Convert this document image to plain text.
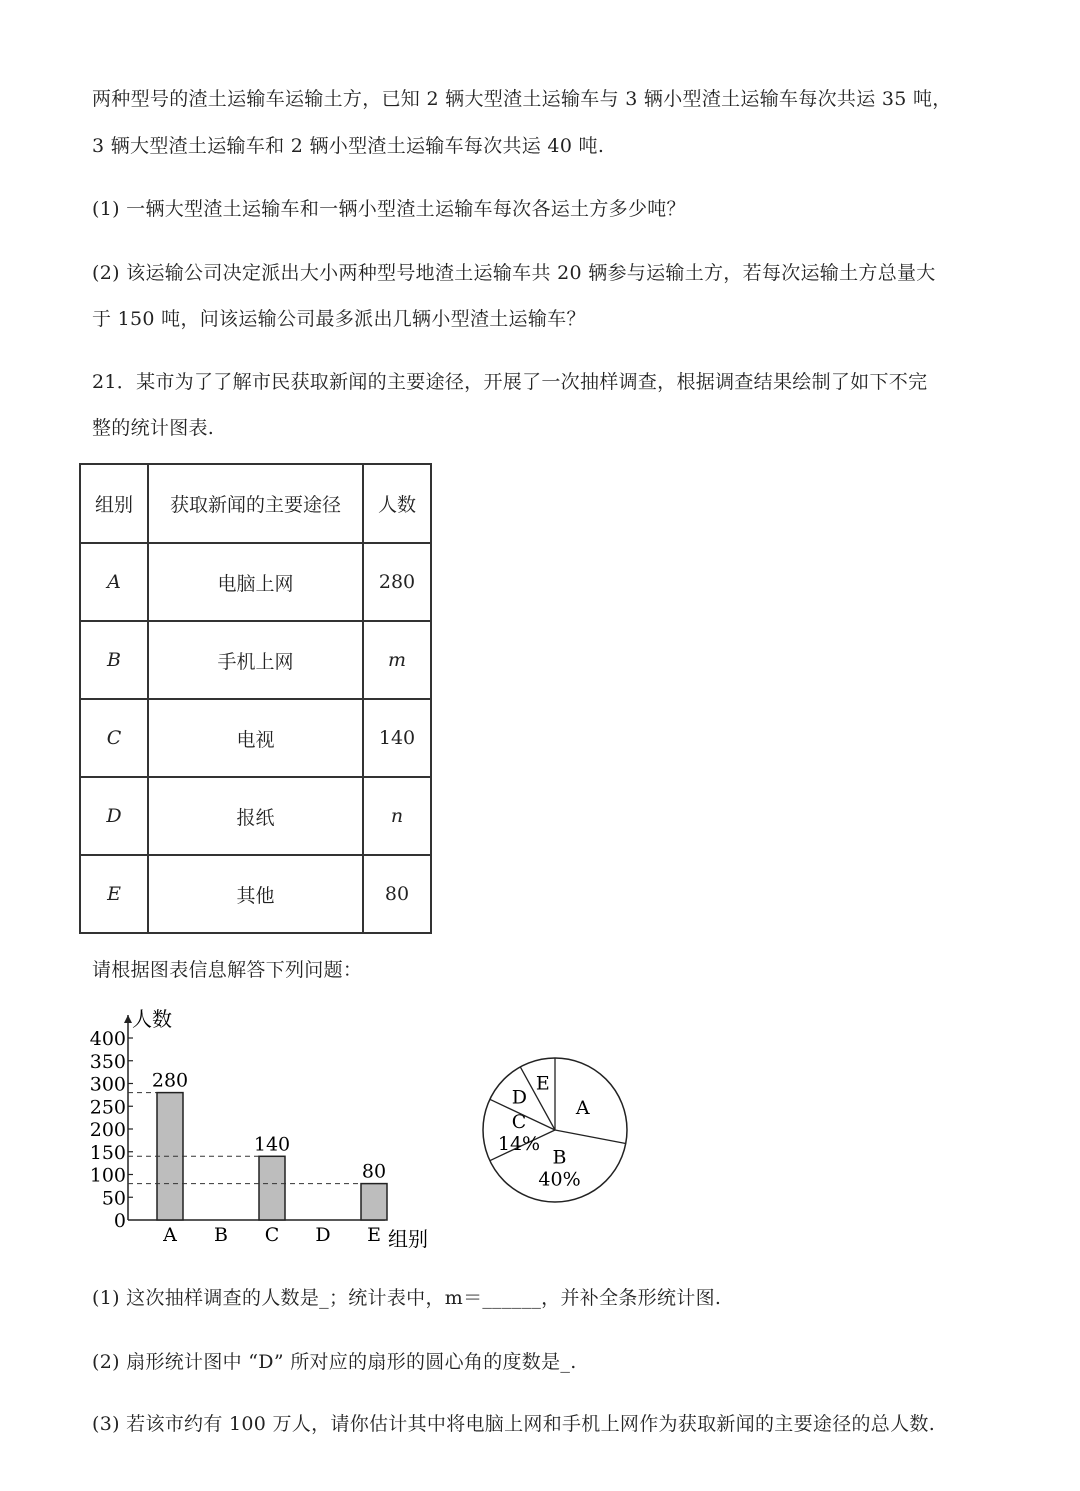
两种型号的渣土运输车运输土方，已知 2 辆大型渣土运输车与 3 辆小型渣土运输车每次共运 35 吨，
3 辆大型渣土运输车和 2 辆小型渣土运输车每次共运 40 吨.
(1) 一辆大型渣土运输车和一辆小型渣土运输车每次各运土方多少吨？
(2) 该运输公司决定派出大小两种型号地渣土运输车共 20 辆参与运输土方，若每次运输土方总量大
于 150 吨，问该运输公司最多派出几辆小型渣土运输车？
21．某市为了了解市民获取新闻的主要途径，开展了一次抽样调查，根据调查结果绘制了如下不完
整的统计图表.
组别	获取新闻的主要途径	人数
A	电脑上网	280
B	手机上网	m
C	电视	140
D	报纸	n
E	其他	80
请根据图表信息解答下列问题：
0
50
100
150
200
250
300
350
400
A B C D E
280
140
80
人数
组别
A
B
40%
C
14%
D
E
(1) 这次抽样调查的人数是_；统计表中，m＝______，并补全条形统计图.
(2) 扇形统计图中 “D” 所对应的扇形的圆心角的度数是_.
(3) 若该市约有 100 万人，请你估计其中将电脑上网和手机上网作为获取新闻的主要途径的总人数.
